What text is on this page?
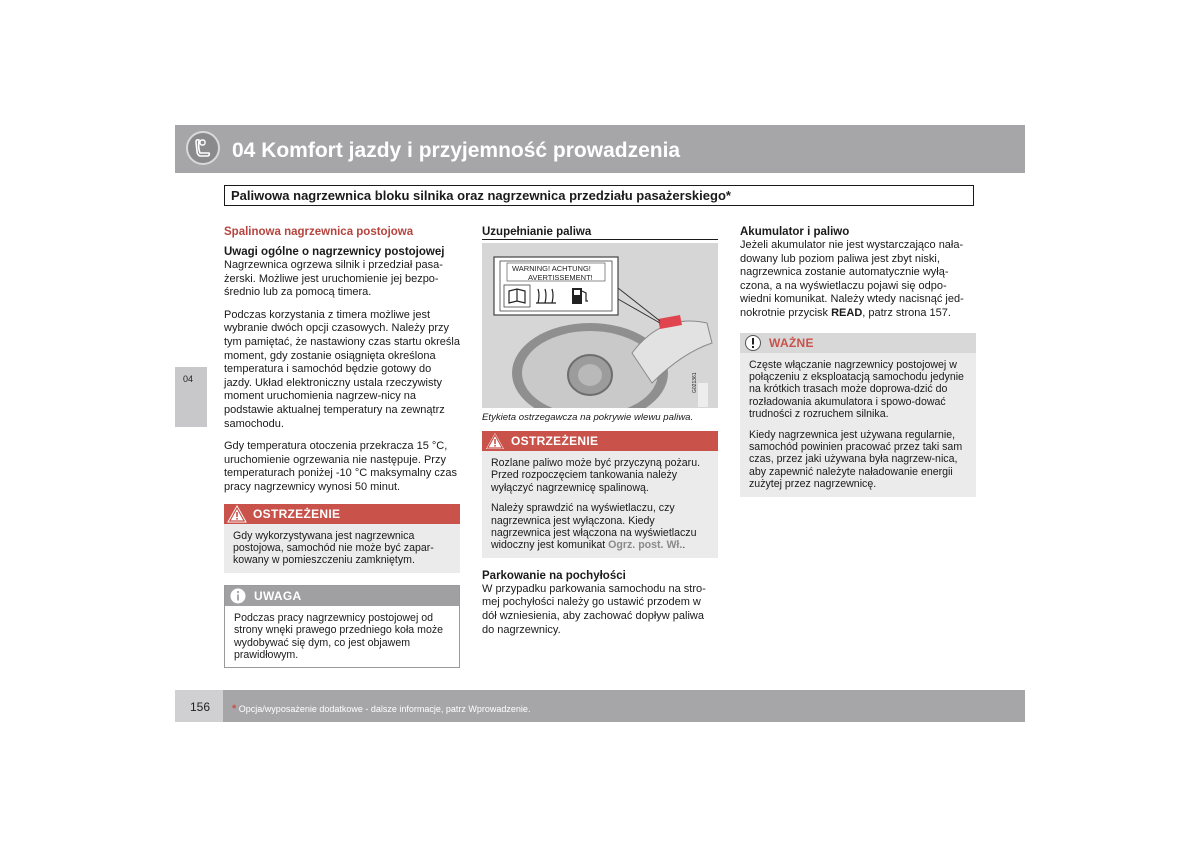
04 Komfort jazdy i przyjemność prowadzenia
Paliwowa nagrzewnica bloku silnika oraz nagrzewnica przedziału pasażerskiego*
04
Spalinowa nagrzewnica postojowa
Uwagi ogólne o nagrzewnicy postojowej

Nagrzewnica ogrzewa silnik i przedział pasa-żerski. Możliwe jest uruchomienie jej bezpo-średnio lub za pomocą timera.

Podczas korzystania z timera możliwe jest wybranie dwóch opcji czasowych. Należy przy tym pamiętać, że nastawiony czas startu określa moment, gdy zostanie osiągnięta określona temperatura i samochód będzie gotowy do jazdy. Układ elektroniczny ustala rzeczywisty moment uruchomienia nagrzew-nicy na podstawie aktualnej temperatury na zewnątrz samochodu.

Gdy temperatura otoczenia przekracza 15 °C, uruchomienie ogrzewania nie następuje. Przy temperaturach poniżej -10 °C maksymalny czas pracy nagrzewnicy wynosi 50 minut.

OSTRZEŻENIE
Gdy wykorzystywana jest nagrzewnica postojowa, samochód nie może być zapar-kowany w pomieszczeniu zamkniętym.
UWAGA
Podczas pracy nagrzewnicy postojowej od strony wnęki prawego przedniego koła może wydobywać się dym, co jest objawem prawidłowym.
Uzupełnianie paliwa
WARNING! ACHTUNG!
AVERTISSEMENT!
G021361
Etykieta ostrzegawcza na pokrywie wlewu paliwa.
OSTRZEŻENIE

Rozlane paliwo może być przyczyną pożaru. Przed rozpoczęciem tankowania należy wyłączyć nagrzewnicę spalinową.

Należy sprawdzić na wyświetlaczu, czy nagrzewnica jest wyłączona. Kiedy nagrzewnica jest włączona na wyświetlaczu widoczny jest komunikat Ogrz. post. Wł..

Parkowanie na pochyłości

W przypadku parkowania samochodu na stro-mej pochyłości należy go ustawić przodem w dół wzniesienia, aby zachować dopływ paliwa do nagrzewnicy.

Akumulator i paliwo

Jeżeli akumulator nie jest wystarczająco nała-dowany lub poziom paliwa jest zbyt niski, nagrzewnica zostanie automatycznie wyłą-czona, a na wyświetlaczu pojawi się odpo-wiedni komunikat. Należy wtedy nacisnąć jed-nokrotnie przycisk READ, patrz strona 157.

WAŻNE

Częste włączanie nagrzewnicy postojowej w połączeniu z eksploatacją samochodu jedynie na krótkich trasach może doprowa-dzić do rozładowania akumulatora i spowo-dować trudności z rozruchem silnika.

Kiedy nagrzewnica jest używana regularnie, samochód powinien pracować przez taki sam czas, przez jaki używana była nagrzew-nica, aby zapewnić należyte naładowanie energii zużytej przez nagrzewnicę.

156 * Opcja/wyposażenie dodatkowe - dalsze informacje, patrz Wprowadzenie.
